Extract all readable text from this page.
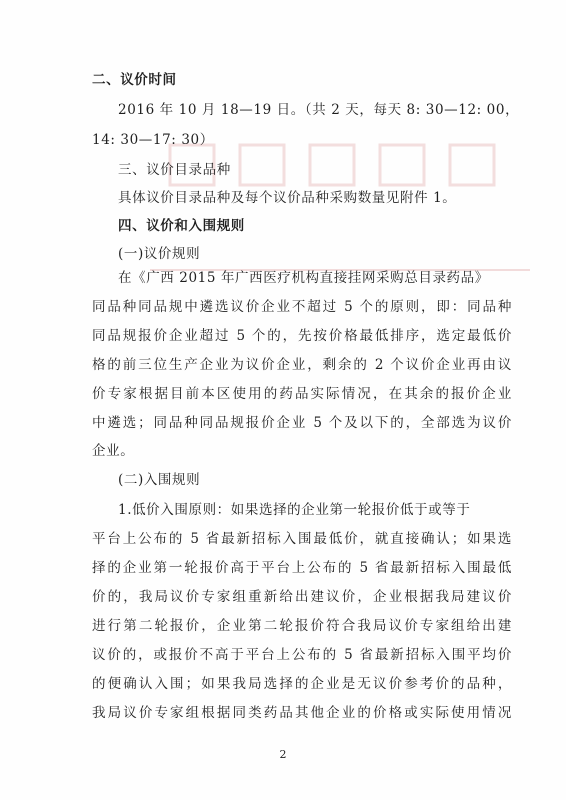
二、议价时间
2016 年 10 月 18—19 日。（共 2 天，每天 8: 30—12: 00，
14: 30—17: 30）
三、议价目录品种
具体议价目录品种及每个议价品种采购数量见附件 1。
四、议价和入围规则
(一)议价规则
在《广西 2015 年广西医疗机构直接挂网采购总目录药品》
同品种同品规中遴选议价企业不超过 5 个的原则，即：同品种
同品规报价企业超过 5 个的，先按价格最低排序，选定最低价
格的前三位生产企业为议价企业，剩余的 2 个议价企业再由议
价专家根据目前本区使用的药品实际情况，在其余的报价企业
中遴选；同品种同品规报价企业 5 个及以下的，全部选为议价
企业。
(二)入围规则
1.低价入围原则：如果选择的企业第一轮报价低于或等于
平台上公布的 5 省最新招标入围最低价，就直接确认；如果选
择的企业第一轮报价高于平台上公布的 5 省最新招标入围最低
价的，我局议价专家组重新给出建议价，企业根据我局建议价
进行第二轮报价，企业第二轮报价符合我局议价专家组给出建
议价的，或报价不高于平台上公布的 5 省最新招标入围平均价
的便确认入围；如果我局选择的企业是无议价参考价的品种，
我局议价专家组根据同类药品其他企业的价格或实际使用情况
2
